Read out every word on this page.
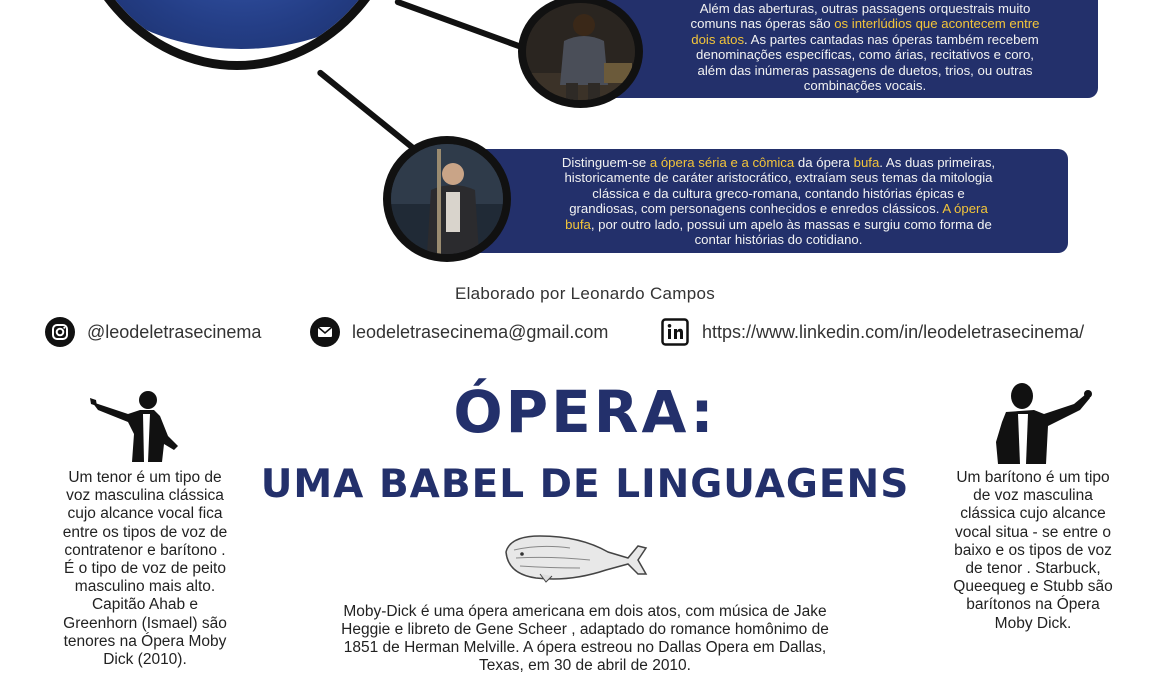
Além das aberturas, outras passagens orquestrais muito
comuns nas óperas são os interlúdios que acontecem entre
dois atos. As partes cantadas nas óperas também recebem
denominações específicas, como árias, recitativos e coro,
além das inúmeras passagens de duetos, trios, ou outras
combinações vocais.
Distinguem-se a ópera séria e a cômica da ópera bufa. As duas primeiras,
historicamente de caráter aristocrático, extraíam seus temas da mitologia
clássica e da cultura greco-romana, contando histórias épicas e
grandiosas, com personagens conhecidos e enredos clássicos. A ópera
bufa, por outro lado, possui um apelo às massas e surgiu como forma de
contar histórias do cotidiano.
Elaborado por Leonardo Campos
@leodeletrasecinema	leodeletrasecinema@gmail.com	https://www.linkedin.com/in/leodeletrasecinema/
ÓPERA:
UMA BABEL DE LINGUAGENS
Um tenor é um tipo de
voz masculina clássica
cujo alcance vocal fica
entre os tipos de voz de
contratenor e barítono .
É o tipo de voz de peito
masculino mais alto.
Capitão Ahab e
Greenhorn (Ismael) são
tenores na Ópera Moby
Dick (2010).
Um barítono é um tipo
de voz masculina
clássica cujo alcance
vocal situa - se entre o
baixo e os tipos de voz
de tenor . Starbuck,
Queequeg e Stubb são
barítonos na Ópera
Moby Dick.
Moby-Dick é uma ópera americana em dois atos, com música de Jake
Heggie e libreto de Gene Scheer , adaptado do romance homônimo de
1851 de Herman Melville. A ópera estreou no Dallas Opera em Dallas,
Texas, em 30 de abril de 2010.
